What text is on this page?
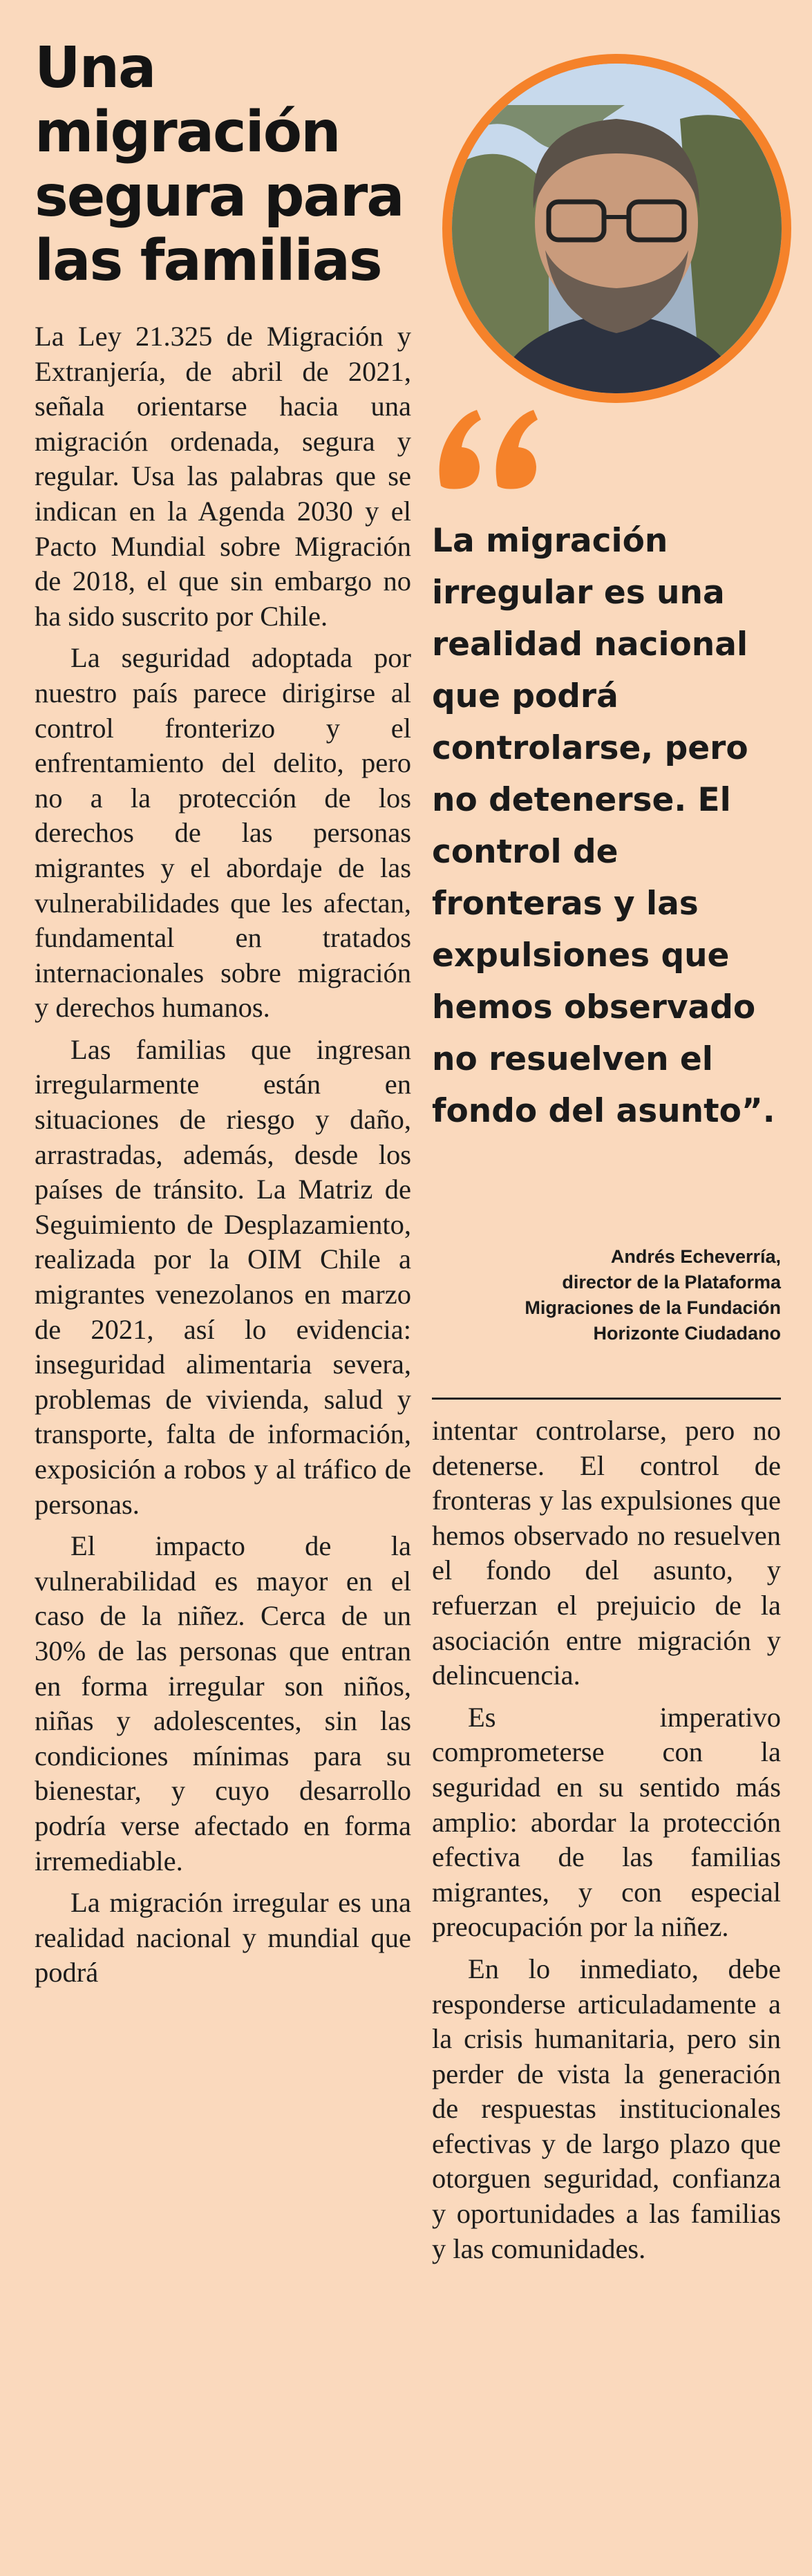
Una migración segura para las familias

La migración irregular es una realidad nacional que podrá controlarse, pero no detenerse. El control de fronteras y las expulsiones que hemos observado no resuelven el fondo del asunto”.

Andrés Echeverría,
director de la Plataforma
Migraciones de la Fundación
Horizonte Ciudadano

La Ley 21.325 de Migración y Extranjería, de abril de 2021, señala orientarse hacia una migración ordenada, segura y regular. Usa las palabras que se indican en la Agenda 2030 y el Pacto Mundial sobre Migración de 2018, el que sin embargo no ha sido suscrito por Chile.

La seguridad adoptada por nuestro país parece dirigirse al control fronterizo y el enfrentamiento del delito, pero no a la protección de los derechos de las personas migrantes y el abordaje de las vulnerabilidades que les afectan, fundamental en tratados internacionales sobre migración y derechos humanos.

Las familias que ingresan irregularmente están en situaciones de riesgo y daño, arrastradas, además, desde los países de tránsito. La Matriz de Seguimiento de Desplazamiento, realizada por la OIM Chile a migrantes venezolanos en marzo de 2021, así lo evidencia: inseguridad alimentaria severa, problemas de vivienda, salud y transporte, falta de información, exposición a robos y al tráfico de personas.

El impacto de la vulnerabilidad es mayor en el caso de la niñez. Cerca de un 30% de las personas que entran en forma irregular son niños, niñas y adolescentes, sin las condiciones mínimas para su bienestar, y cuyo desarrollo podría verse afectado en forma irremediable.

La migración irregular es una realidad nacional y mundial que podrá

intentar controlarse, pero no detenerse. El control de fronteras y las expulsiones que hemos observado no resuelven el fondo del asunto, y refuerzan el prejuicio de la asociación entre migración y delincuencia.

Es imperativo comprometerse con la seguridad en su sentido más amplio: abordar la protección efectiva de las familias migrantes, y con especial preocupación por la niñez.

En lo inmediato, debe responderse articuladamente a la crisis humanitaria, pero sin perder de vista la generación de respuestas institucionales efectivas y de largo plazo que otorguen seguridad, confianza y oportunidades a las familias y las comunidades.
